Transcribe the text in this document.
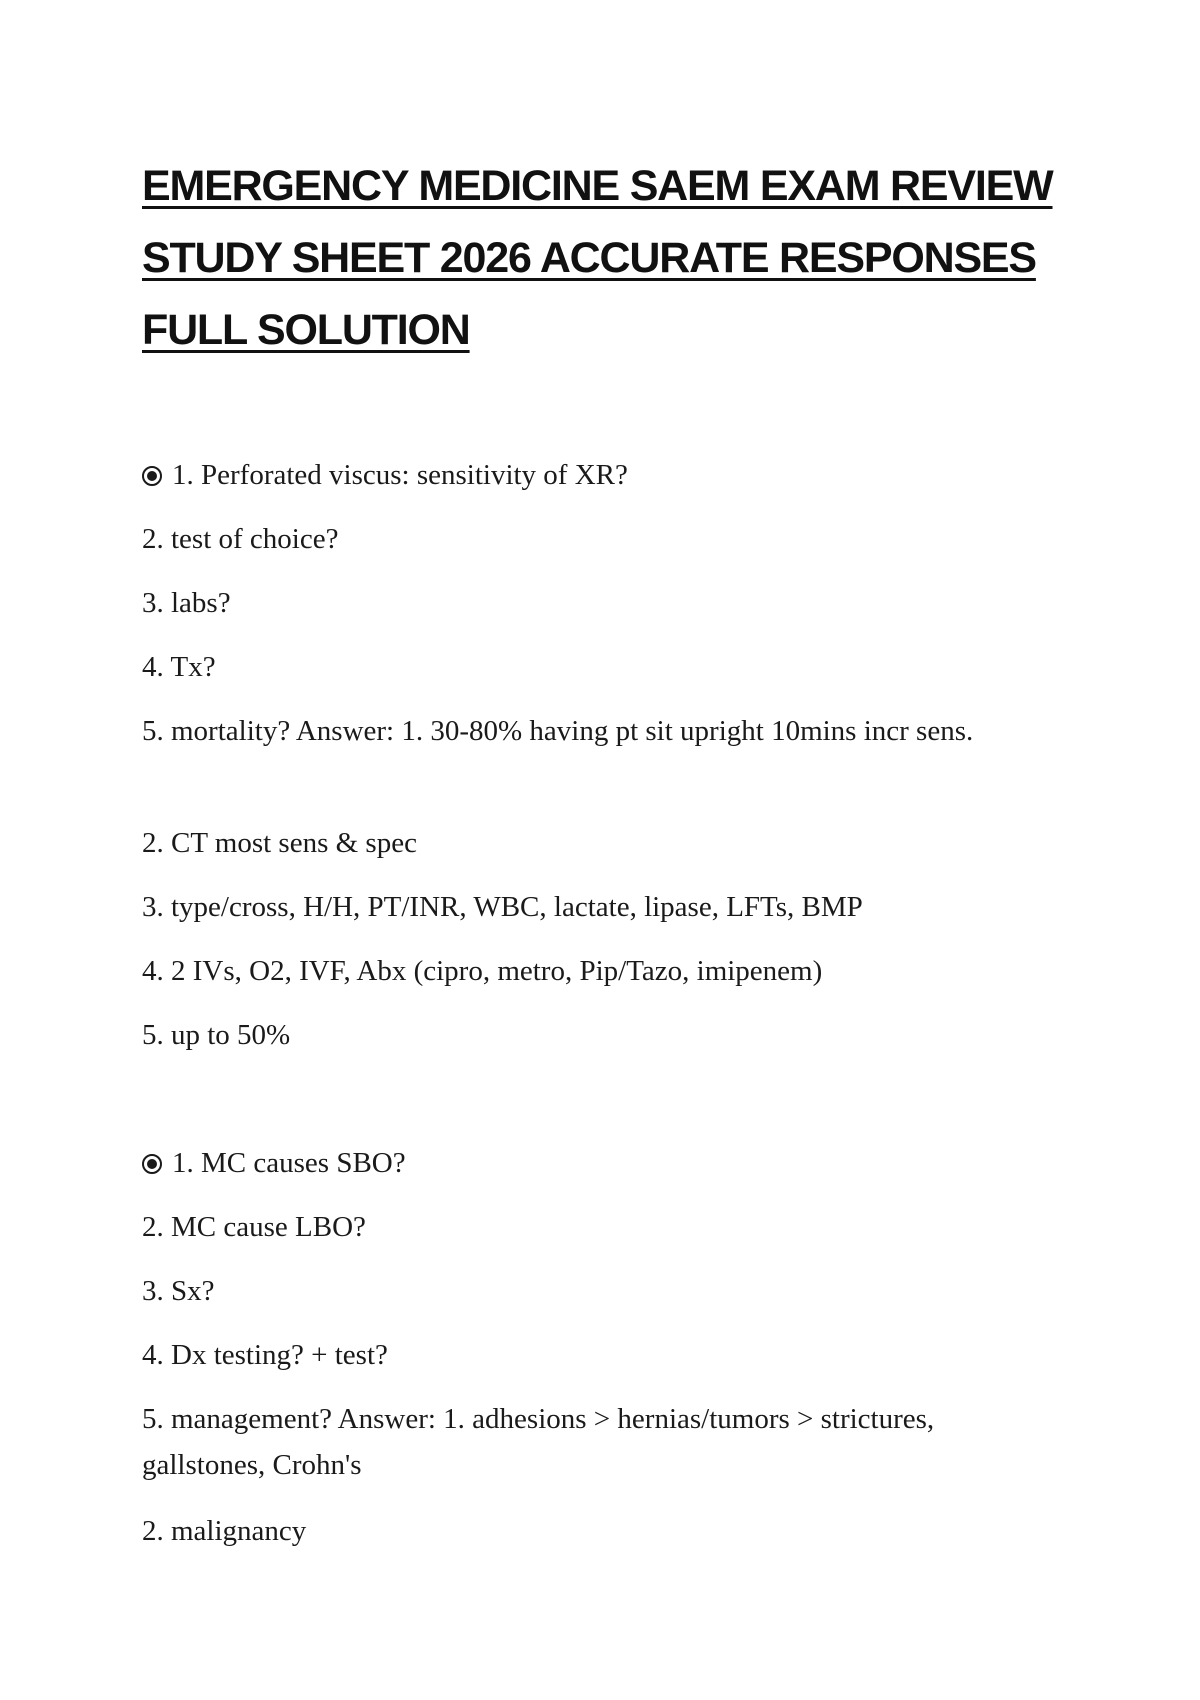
EMERGENCY MEDICINE SAEM EXAM REVIEW
STUDY SHEET 2026 ACCURATE RESPONSES
FULL SOLUTION

1. Perforated viscus: sensitivity of XR?

2. test of choice?

3. labs?

4. Tx?

5. mortality? Answer: 1. 30-80% having pt sit upright 10mins incr sens.

2. CT most sens & spec

3. type/cross, H/H, PT/INR, WBC, lactate, lipase, LFTs, BMP

4. 2 IVs, O2, IVF, Abx (cipro, metro, Pip/Tazo, imipenem)

5. up to 50%

1. MC causes SBO?

2. MC cause LBO?

3. Sx?

4. Dx testing? + test?

5. management? Answer: 1. adhesions > hernias/tumors > strictures, gallstones, Crohn's

2. malignancy
